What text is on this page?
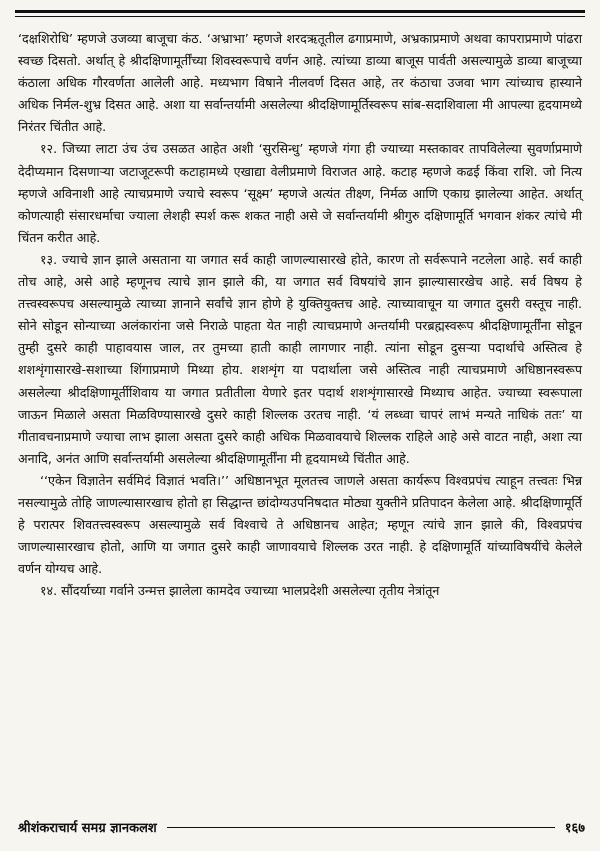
‘दक्षशिरोधि’ म्हणजे उजव्या बाजूचा कंठ. ‘अभ्राभा’ म्हणजे शरदऋतूतील ढगाप्रमाणे, अभ्रकाप्रमाणे अथवा कापराप्रमाणे पांढरा स्वच्छ दिसतो. अर्थात् हे श्रीदक्षिणामूर्तींच्या शिवस्वरूपाचे वर्णन आहे. त्यांच्या डाव्या बाजूस पार्वती असल्यामुळे डाव्या बाजूच्या कंठाला अधिक गौरवर्णता आलेली आहे. मध्यभाग विषाने नीलवर्ण दिसत आहे, तर कंठाचा उजवा भाग त्यांच्याच हास्याने अधिक निर्मल-शुभ्र दिसत आहे. अशा या सर्वान्तर्यामी असलेल्या श्रीदक्षिणामूर्तिस्वरूप सांब-सदाशिवाला मी आपल्या हृदयामध्ये निरंतर चिंतीत आहे.

१२. जिच्या लाटा उंच उंच उसळत आहेत अशी ‘सुरसिन्धु’ म्हणजे गंगा ही ज्याच्या मस्तकावर तापविलेल्या सुवर्णाप्रमाणे देदीप्यमान दिसणाऱ्या जटाजूटरूपी कटाहामध्ये एखाद्या वेलीप्रमाणे विराजत आहे. कटाह म्हणजे कढई किंवा राशि. जो नित्य म्हणजे अविनाशी आहे त्याचप्रमाणे ज्याचे स्वरूप ‘सूक्ष्म’ म्हणजे अत्यंत तीक्ष्ण, निर्मळ आणि एकाग्र झालेल्या आहेत. अर्थात् कोणत्याही संसारधर्माचा ज्याला लेशही स्पर्श करू शकत नाही असे जे सर्वान्तर्यामी श्रीगुरु दक्षिणामूर्ति भगवान शंकर त्यांचे मी चिंतन करीत आहे.

१३. ज्याचे ज्ञान झाले असताना या जगात सर्व काही जाणल्यासारखे होते, कारण तो सर्वरूपाने नटलेला आहे. सर्व काही तोच आहे, असे आहे म्हणूनच त्याचे ज्ञान झाले की, या जगात सर्व विषयांचे ज्ञान झाल्यासारखेच आहे. सर्व विषय हे तत्त्वस्वरूपच असल्यामुळे त्याच्या ज्ञानाने सर्वांचे ज्ञान होणे हे युक्तियुक्तच आहे. त्याच्यावाचून या जगात दुसरी वस्तूच नाही. सोने सोडून सोन्याच्या अलंकारांना जसे निराळे पाहता येत नाही त्याचप्रमाणे अन्तर्यामी परब्रह्मस्वरूप श्रीदक्षिणामूर्तींना सोडून तुम्ही दुसरे काही पाहावयास जाल, तर तुमच्या हाती काही लागणार नाही. त्यांना सोडून दुसऱ्या पदार्थाचे अस्तित्व हे शशशृंगासारखे-सशाच्या शिंगाप्रमाणे मिथ्या होय. शशशृंग या पदार्थाला जसे अस्तित्व नाही त्याचप्रमाणे अधिष्ठानस्वरूप असलेल्या श्रीदक्षिणामूर्तीशिवाय या जगात प्रतीतीला येणारे इतर पदार्थ शशशृंगासारखे मिथ्याच आहेत. ज्याच्या स्वरूपाला जाऊन मिळाले असता मिळविण्यासारखे दुसरे काही शिल्लक उरतच नाही. ‘यं लब्ध्वा चापरं लाभं मन्यते नाधिकं ततः’ या गीतावचनाप्रमाणे ज्याचा लाभ झाला असता दुसरे काही अधिक मिळवावयाचे शिल्लक राहिले आहे असे वाटत नाही, अशा त्या अनादि, अनंत आणि सर्वान्तर्यामी असलेल्या श्रीदक्षिणामूर्तींना मी हृदयामध्ये चिंतीत आहे.

‘‘एकेन विज्ञातेन सर्वमिदं विज्ञातं भवति।’’ अधिष्ठानभूत मूलतत्त्व जाणले असता कार्यरूप विश्वप्रपंच त्याहून तत्त्वतः भिन्न नसल्यामुळे तोहि जाणल्यासारखाच होतो हा सिद्धान्त छांदोग्यउपनिषदात मोठ्या युक्तीने प्रतिपादन केलेला आहे. श्रीदक्षिणामूर्ति हे परात्पर शिवतत्त्वस्वरूप असल्यामुळे सर्व विश्वाचे ते अधिष्ठानच आहेत; म्हणून त्यांचे ज्ञान झाले की, विश्वप्रपंच जाणल्यासारखाच होतो, आणि या जगात दुसरे काही जाणावयाचे शिल्लक उरत नाही. हे दक्षिणामूर्ति यांच्याविषयींचे केलेले वर्णन योग्यच आहे.

१४. सौंदर्याच्या गर्वाने उन्मत्त झालेला कामदेव ज्याच्या भालप्रदेशी असलेल्या तृतीय नेत्रांतून

श्रीशंकराचार्य समग्र ज्ञानकलश	१६७
